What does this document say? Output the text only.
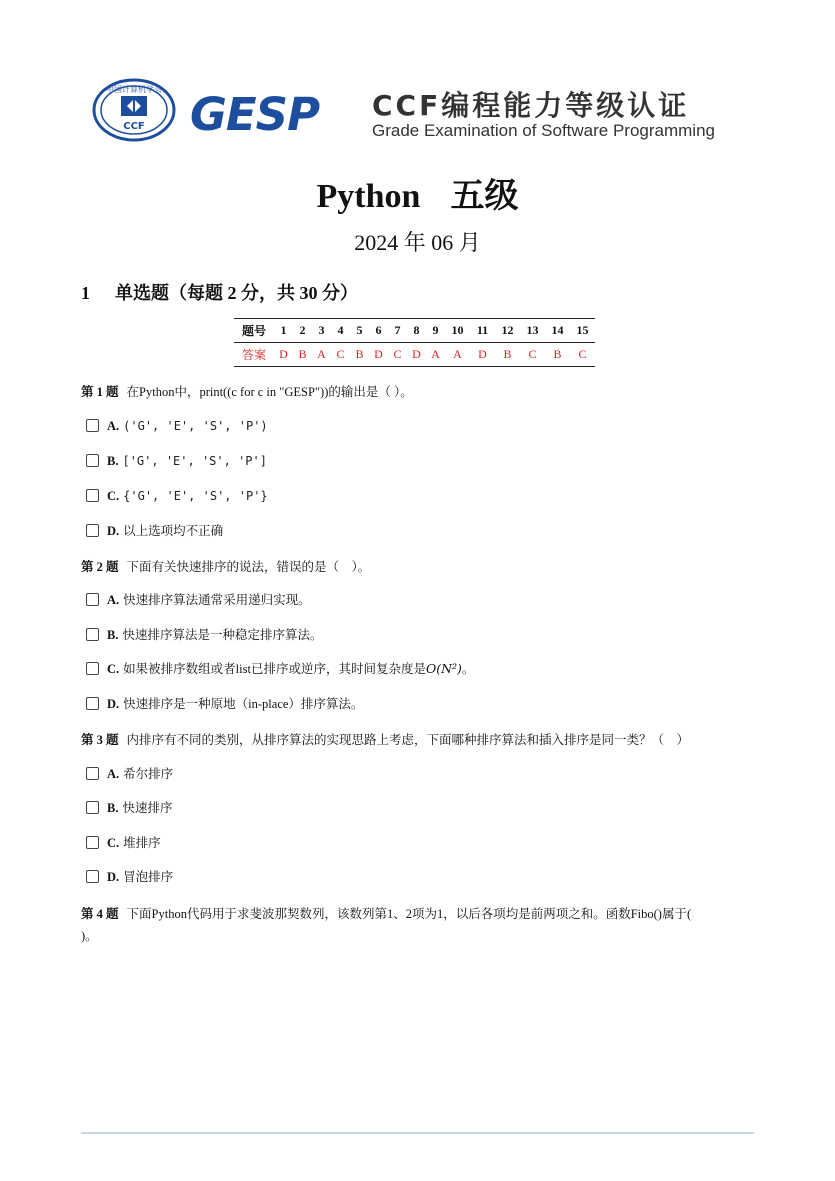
中国计算机学会
CCF GESP CCF编程能力等级认证
Grade Examination of Software Programming
Python 五级
2024 年 06 月
1 单选题（每题 2 分，共 30 分）
题号	1	2	3	4	5	6	7	8	9	10	11	12	13	14	15
答案	D	B	A	C	B	D	C	D	A	A	D	B	C	B	C
第 1 题 在Python中，print((c for c in "GESP"))的输出是（ ）。
A. ('G', 'E', 'S', 'P')
B. ['G', 'E', 'S', 'P']
C. {'G', 'E', 'S', 'P'}
D. 以上选项均不正确
第 2 题 下面有关快速排序的说法，错误的是（　）。
A. 快速排序算法通常采用递归实现。
B. 快速排序算法是一种稳定排序算法。
C. 如果被排序数组或者list已排序或逆序，其时间复杂度是O(N²)。
D. 快速排序是一种原地（in-place）排序算法。
第 3 题 内排序有不同的类别，从排序算法的实现思路上考虑，下面哪种排序算法和插入排序是同一类？（　）
A. 希尔排序
B. 快速排序
C. 堆排序
D. 冒泡排序
第 4 题 下面Python代码用于求斐波那契数列，该数列第1、2项为1，以后各项均是前两项之和。函数Fibo()属于(
)。
